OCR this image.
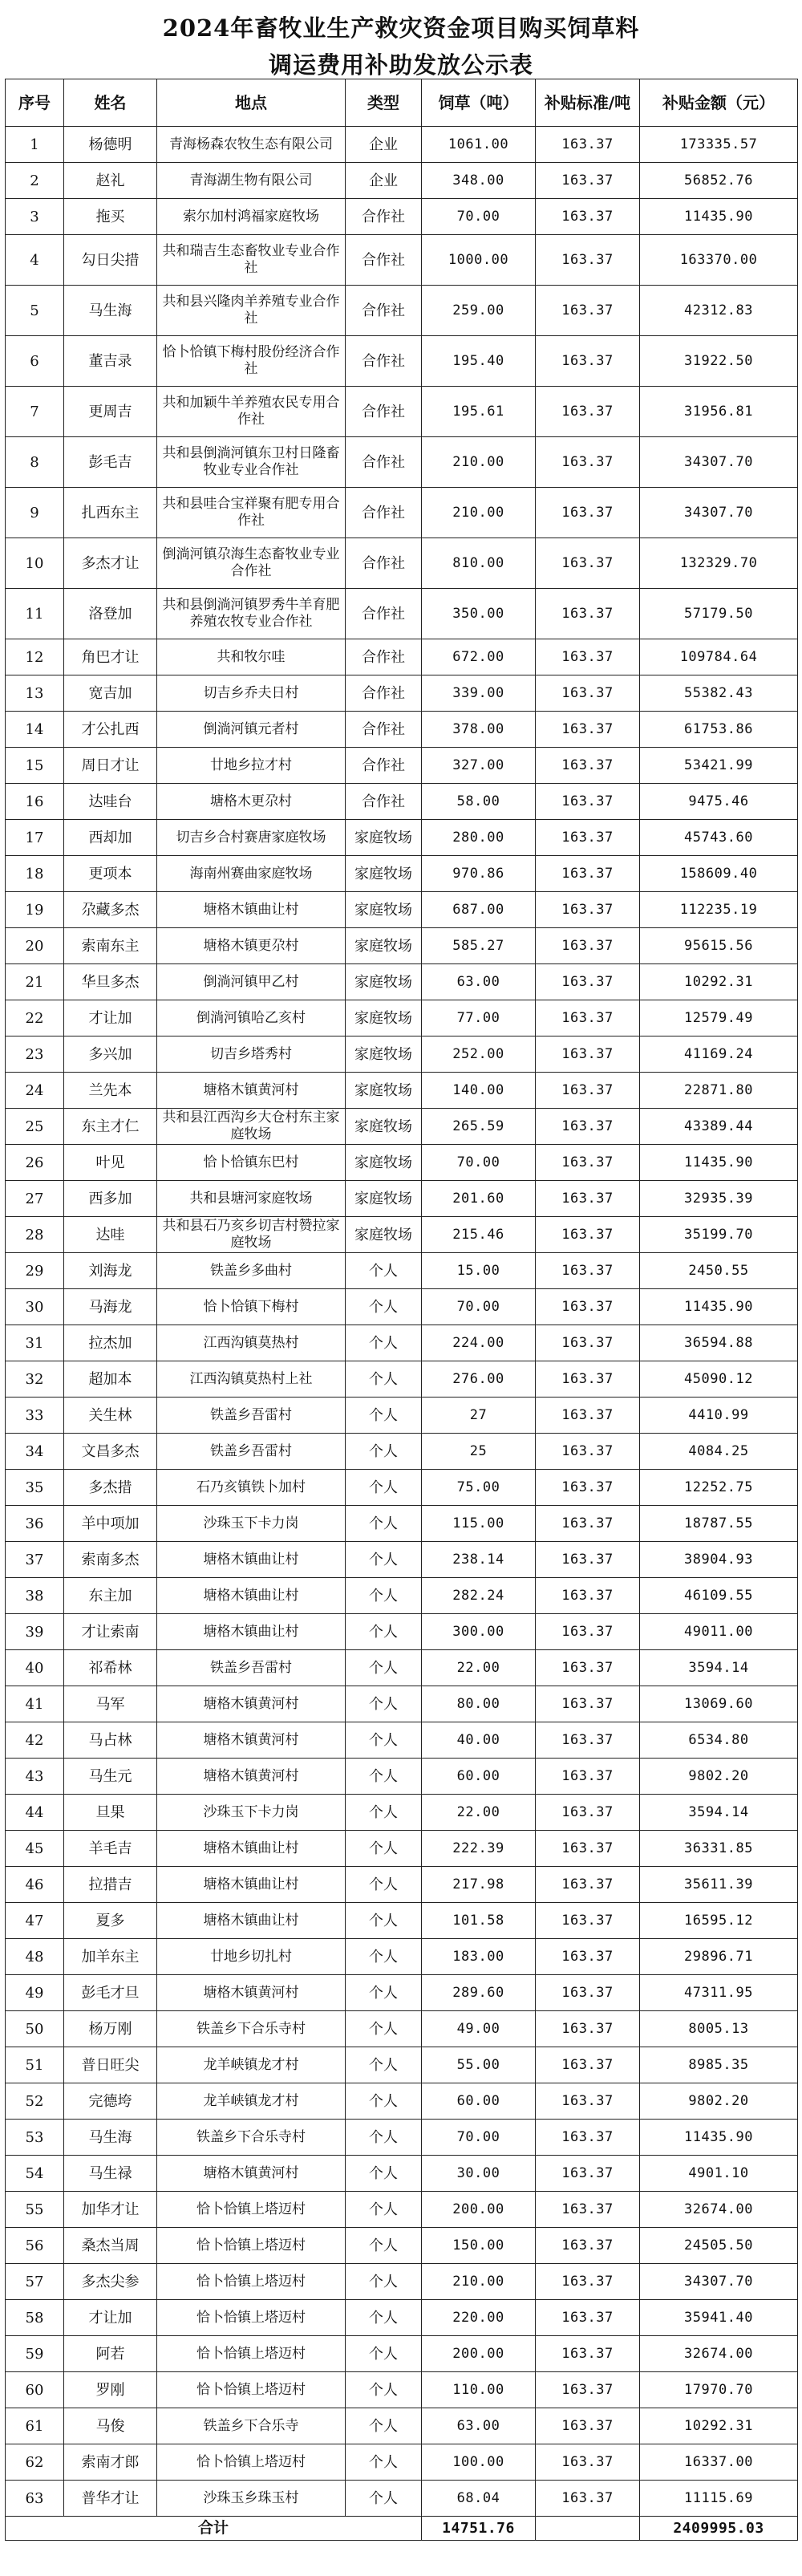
2024年畜牧业生产救灾资金项目购买饲草料
调运费用补助发放公示表
序号	姓名	地点	类型	饲草（吨）	补贴标准/吨	补贴金额（元）
1	杨德明	青海杨森农牧生态有限公司	企业	1061.00	163.37	173335.57
2	赵礼	青海湖生物有限公司	企业	348.00	163.37	56852.76
3	拖买	索尔加村鸿福家庭牧场	合作社	70.00	163.37	11435.90
4	勾日尖措	共和瑞吉生态畜牧业专业合作社	合作社	1000.00	163.37	163370.00
5	马生海	共和县兴隆肉羊养殖专业合作社	合作社	259.00	163.37	42312.83
6	董吉录	恰卜恰镇下梅村股份经济合作社	合作社	195.40	163.37	31922.50
7	更周吉	共和加颖牛羊养殖农民专用合作社	合作社	195.61	163.37	31956.81
8	彭毛吉	共和县倒淌河镇东卫村日隆畜牧业专业合作社	合作社	210.00	163.37	34307.70
9	扎西东主	共和县哇合宝祥聚有肥专用合作社	合作社	210.00	163.37	34307.70
10	多杰才让	倒淌河镇尕海生态畜牧业专业合作社	合作社	810.00	163.37	132329.70
11	洛登加	共和县倒淌河镇罗秀牛羊育肥养殖农牧专业合作社	合作社	350.00	163.37	57179.50
12	角巴才让	共和牧尔哇	合作社	672.00	163.37	109784.64
13	宽吉加	切吉乡乔夫日村	合作社	339.00	163.37	55382.43
14	才公扎西	倒淌河镇元者村	合作社	378.00	163.37	61753.86
15	周日才让	廿地乡拉才村	合作社	327.00	163.37	53421.99
16	达哇台	塘格木更尕村	合作社	58.00	163.37	9475.46
17	西却加	切吉乡合村赛唐家庭牧场	家庭牧场	280.00	163.37	45743.60
18	更项本	海南州赛曲家庭牧场	家庭牧场	970.86	163.37	158609.40
19	尕藏多杰	塘格木镇曲让村	家庭牧场	687.00	163.37	112235.19
20	索南东主	塘格木镇更尕村	家庭牧场	585.27	163.37	95615.56
21	华旦多杰	倒淌河镇甲乙村	家庭牧场	63.00	163.37	10292.31
22	才让加	倒淌河镇哈乙亥村	家庭牧场	77.00	163.37	12579.49
23	多兴加	切吉乡塔秀村	家庭牧场	252.00	163.37	41169.24
24	兰先本	塘格木镇黄河村	家庭牧场	140.00	163.37	22871.80
25	东主才仁	共和县江西沟乡大仓村东主家庭牧场	家庭牧场	265.59	163.37	43389.44
26	叶见	恰卜恰镇东巴村	家庭牧场	70.00	163.37	11435.90
27	西多加	共和县塘河家庭牧场	家庭牧场	201.60	163.37	32935.39
28	达哇	共和县石乃亥乡切吉村赞拉家庭牧场	家庭牧场	215.46	163.37	35199.70
29	刘海龙	铁盖乡多曲村	个人	15.00	163.37	2450.55
30	马海龙	恰卜恰镇下梅村	个人	70.00	163.37	11435.90
31	拉杰加	江西沟镇莫热村	个人	224.00	163.37	36594.88
32	超加本	江西沟镇莫热村上社	个人	276.00	163.37	45090.12
33	关生林	铁盖乡吾雷村	个人	27	163.37	4410.99
34	文昌多杰	铁盖乡吾雷村	个人	25	163.37	4084.25
35	多杰措	石乃亥镇铁卜加村	个人	75.00	163.37	12252.75
36	羊中项加	沙珠玉下卡力岗	个人	115.00	163.37	18787.55
37	索南多杰	塘格木镇曲让村	个人	238.14	163.37	38904.93
38	东主加	塘格木镇曲让村	个人	282.24	163.37	46109.55
39	才让索南	塘格木镇曲让村	个人	300.00	163.37	49011.00
40	祁希林	铁盖乡吾雷村	个人	22.00	163.37	3594.14
41	马军	塘格木镇黄河村	个人	80.00	163.37	13069.60
42	马占林	塘格木镇黄河村	个人	40.00	163.37	6534.80
43	马生元	塘格木镇黄河村	个人	60.00	163.37	9802.20
44	旦果	沙珠玉下卡力岗	个人	22.00	163.37	3594.14
45	羊毛吉	塘格木镇曲让村	个人	222.39	163.37	36331.85
46	拉措吉	塘格木镇曲让村	个人	217.98	163.37	35611.39
47	夏多	塘格木镇曲让村	个人	101.58	163.37	16595.12
48	加羊东主	廿地乡切扎村	个人	183.00	163.37	29896.71
49	彭毛才旦	塘格木镇黄河村	个人	289.60	163.37	47311.95
50	杨万刚	铁盖乡下合乐寺村	个人	49.00	163.37	8005.13
51	普日旺尖	龙羊峡镇龙才村	个人	55.00	163.37	8985.35
52	完德垮	龙羊峡镇龙才村	个人	60.00	163.37	9802.20
53	马生海	铁盖乡下合乐寺村	个人	70.00	163.37	11435.90
54	马生禄	塘格木镇黄河村	个人	30.00	163.37	4901.10
55	加华才让	恰卜恰镇上塔迈村	个人	200.00	163.37	32674.00
56	桑杰当周	恰卜恰镇上塔迈村	个人	150.00	163.37	24505.50
57	多杰尖参	恰卜恰镇上塔迈村	个人	210.00	163.37	34307.70
58	才让加	恰卜恰镇上塔迈村	个人	220.00	163.37	35941.40
59	阿若	恰卜恰镇上塔迈村	个人	200.00	163.37	32674.00
60	罗刚	恰卜恰镇上塔迈村	个人	110.00	163.37	17970.70
61	马俊	铁盖乡下合乐寺	个人	63.00	163.37	10292.31
62	索南才郎	恰卜恰镇上塔迈村	个人	100.00	163.37	16337.00
63	普华才让	沙珠玉乡珠玉村	个人	68.04	163.37	11115.69
合计				14751.76		2409995.03
